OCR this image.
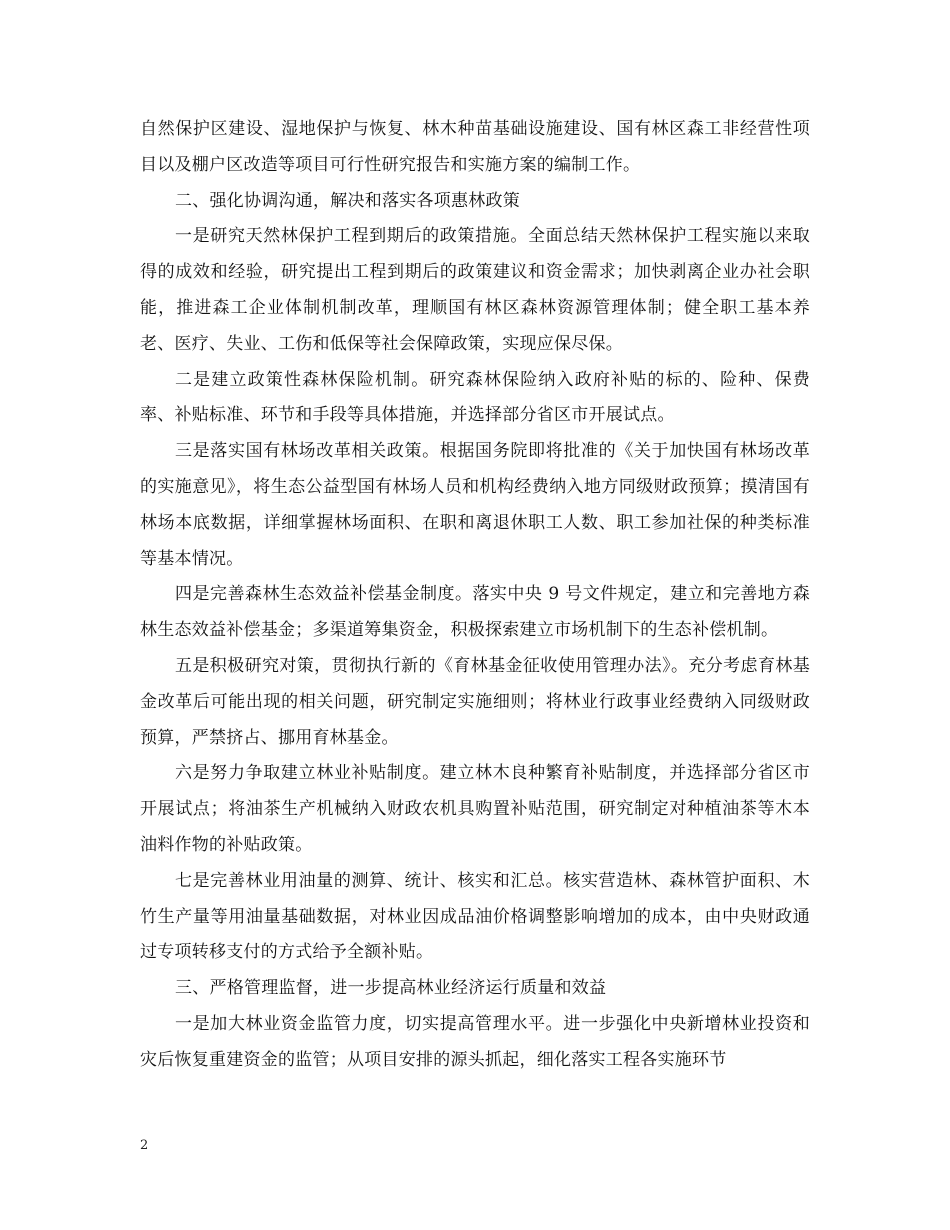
自然保护区建设、湿地保护与恢复、林木种苗基础设施建设、国有林区森工非经营性项目以及棚户区改造等项目可行性研究报告和实施方案的编制工作。

二、强化协调沟通，解决和落实各项惠林政策

一是研究天然林保护工程到期后的政策措施。全面总结天然林保护工程实施以来取得的成效和经验，研究提出工程到期后的政策建议和资金需求；加快剥离企业办社会职能，推进森工企业体制机制改革，理顺国有林区森林资源管理体制；健全职工基本养老、医疗、失业、工伤和低保等社会保障政策，实现应保尽保。

二是建立政策性森林保险机制。研究森林保险纳入政府补贴的标的、险种、保费率、补贴标准、环节和手段等具体措施，并选择部分省区市开展试点。

三是落实国有林场改革相关政策。根据国务院即将批准的《关于加快国有林场改革的实施意见》，将生态公益型国有林场人员和机构经费纳入地方同级财政预算；摸清国有林场本底数据，详细掌握林场面积、在职和离退休职工人数、职工参加社保的种类标准等基本情况。

四是完善森林生态效益补偿基金制度。落实中央 9 号文件规定，建立和完善地方森林生态效益补偿基金；多渠道筹集资金，积极探索建立市场机制下的生态补偿机制。

五是积极研究对策，贯彻执行新的《育林基金征收使用管理办法》。充分考虑育林基金改革后可能出现的相关问题，研究制定实施细则；将林业行政事业经费纳入同级财政预算，严禁挤占、挪用育林基金。

六是努力争取建立林业补贴制度。建立林木良种繁育补贴制度，并选择部分省区市开展试点；将油茶生产机械纳入财政农机具购置补贴范围，研究制定对种植油茶等木本油料作物的补贴政策。

七是完善林业用油量的测算、统计、核实和汇总。核实营造林、森林管护面积、木竹生产量等用油量基础数据，对林业因成品油价格调整影响增加的成本，由中央财政通过专项转移支付的方式给予全额补贴。

三、严格管理监督，进一步提高林业经济运行质量和效益

一是加大林业资金监管力度，切实提高管理水平。进一步强化中央新增林业投资和灾后恢复重建资金的监管；从项目安排的源头抓起，细化落实工程各实施环节

2
